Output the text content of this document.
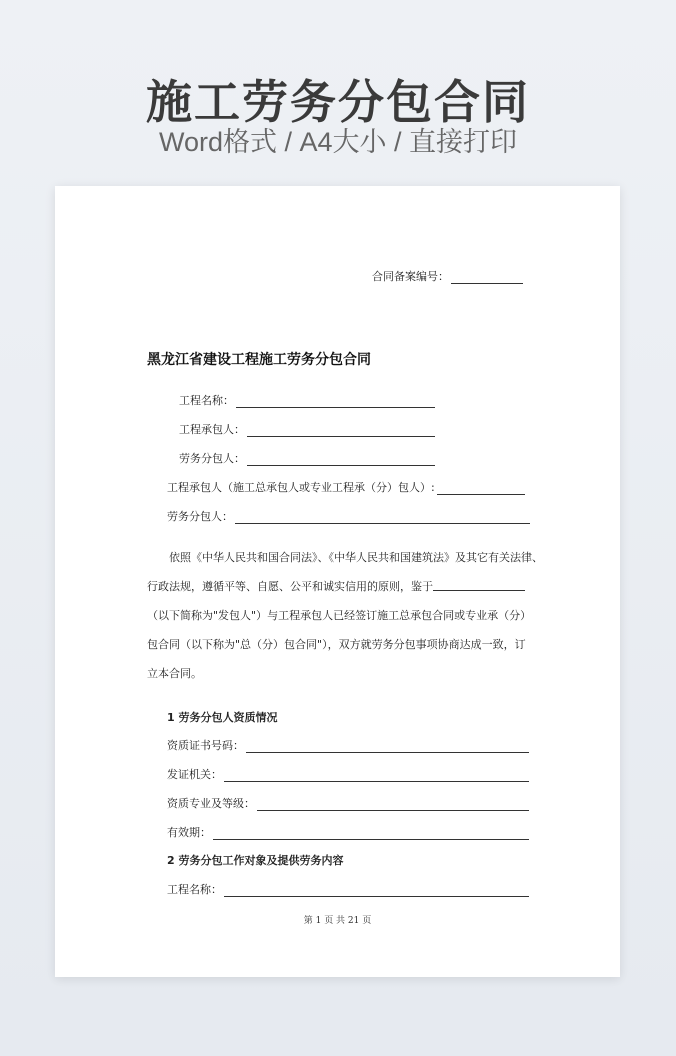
施工劳务分包合同
Word格式 / A4大小 / 直接打印
合同备案编号：
黑龙江省建设工程施工劳务分包合同
工程名称：
工程承包人：
劳务分包人：
工程承包人（施工总承包人或专业工程承（分）包人）:
劳务分包人：
依照《中华人民共和国合同法》、《中华人民共和国建筑法》及其它有关法律、
行政法规，遵循平等、自愿、公平和诚实信用的原则，鉴于
（以下简称为"发包人"）与工程承包人已经签订施工总承包合同或专业承（分）
包合同（以下称为"总（分）包合同"），双方就劳务分包事项协商达成一致，订
立本合同。
1 劳务分包人资质情况
资质证书号码：
发证机关：
资质专业及等级：
有效期：
2 劳务分包工作对象及提供劳务内容
工程名称：
第 1 页 共 21 页
